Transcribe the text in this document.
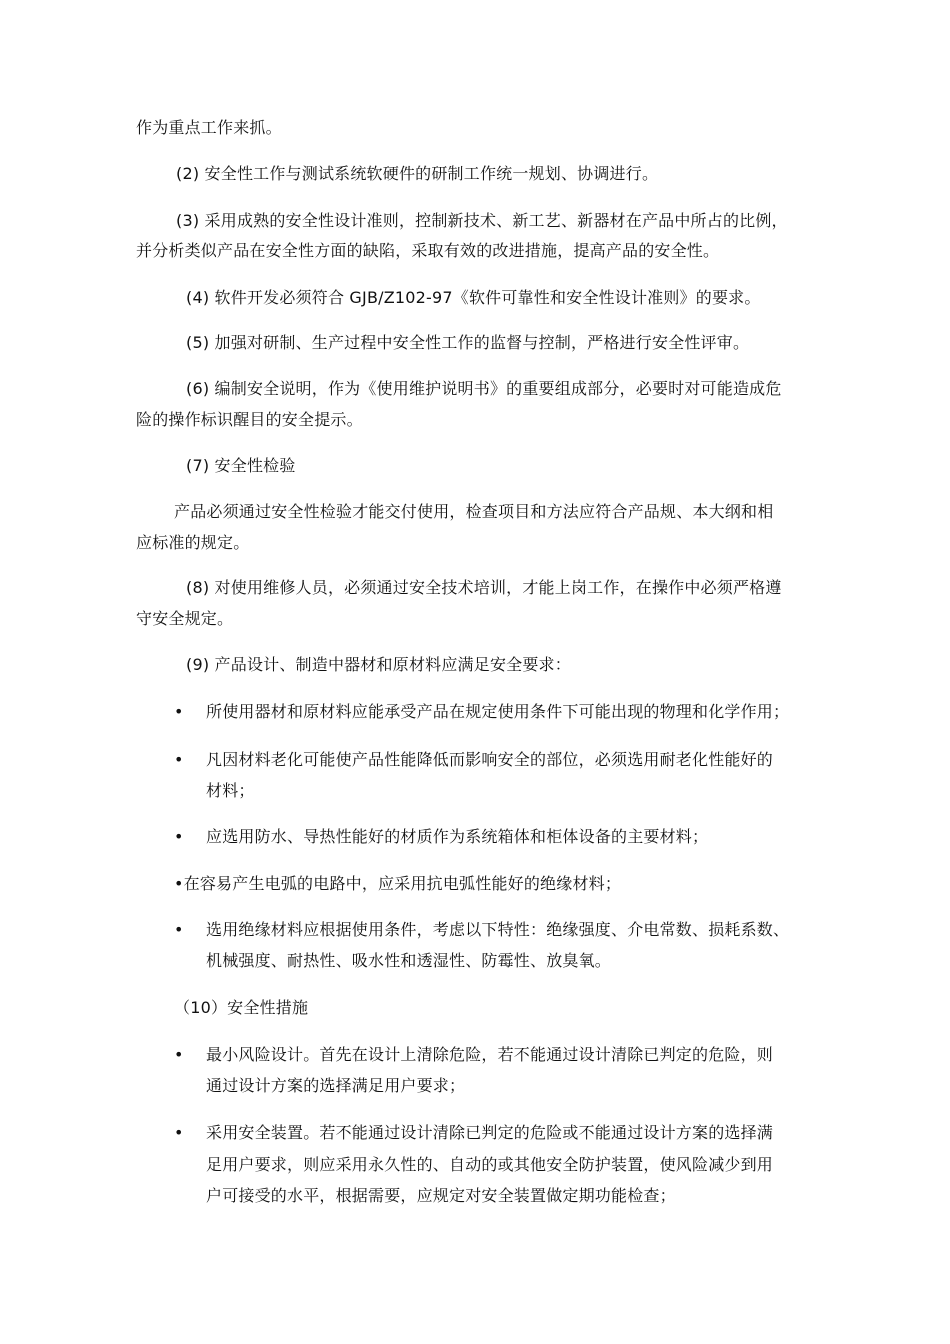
作为重点工作来抓。
(2) 安全性工作与测试系统软硬件的研制工作统一规划、协调进行。
(3) 采用成熟的安全性设计准则，控制新技术、新工艺、新器材在产品中所占的比例，
并分析类似产品在安全性方面的缺陷，采取有效的改进措施，提高产品的安全性。
(4) 软件开发必须符合 GJB/Z102-97《软件可靠性和安全性设计准则》的要求。
(5) 加强对研制、生产过程中安全性工作的监督与控制，严格进行安全性评审。
(6) 编制安全说明，作为《使用维护说明书》的重要组成部分，必要时对可能造成危
险的操作标识醒目的安全提示。
(7) 安全性检验
产品必须通过安全性检验才能交付使用，检查项目和方法应符合产品规、本大纲和相
应标准的规定。
(8) 对使用维修人员，必须通过安全技术培训，才能上岗工作，在操作中必须严格遵
守安全规定。
(9) 产品设计、制造中器材和原材料应满足安全要求：
• 所使用器材和原材料应能承受产品在规定使用条件下可能出现的物理和化学作用；
• 凡因材料老化可能使产品性能降低而影响安全的部位，必须选用耐老化性能好的
材料；
• 应选用防水、导热性能好的材质作为系统箱体和柜体设备的主要材料；
•在容易产生电弧的电路中，应采用抗电弧性能好的绝缘材料；
• 选用绝缘材料应根据使用条件，考虑以下特性：绝缘强度、介电常数、损耗系数、
机械强度、耐热性、吸水性和透湿性、防霉性、放臭氧。
（10）安全性措施
• 最小风险设计。首先在设计上清除危险，若不能通过设计清除已判定的危险，则
通过设计方案的选择满足用户要求；
• 采用安全装置。若不能通过设计清除已判定的危险或不能通过设计方案的选择满
足用户要求，则应采用永久性的、自动的或其他安全防护装置，使风险减少到用
户可接受的水平，根据需要，应规定对安全装置做定期功能检查；
